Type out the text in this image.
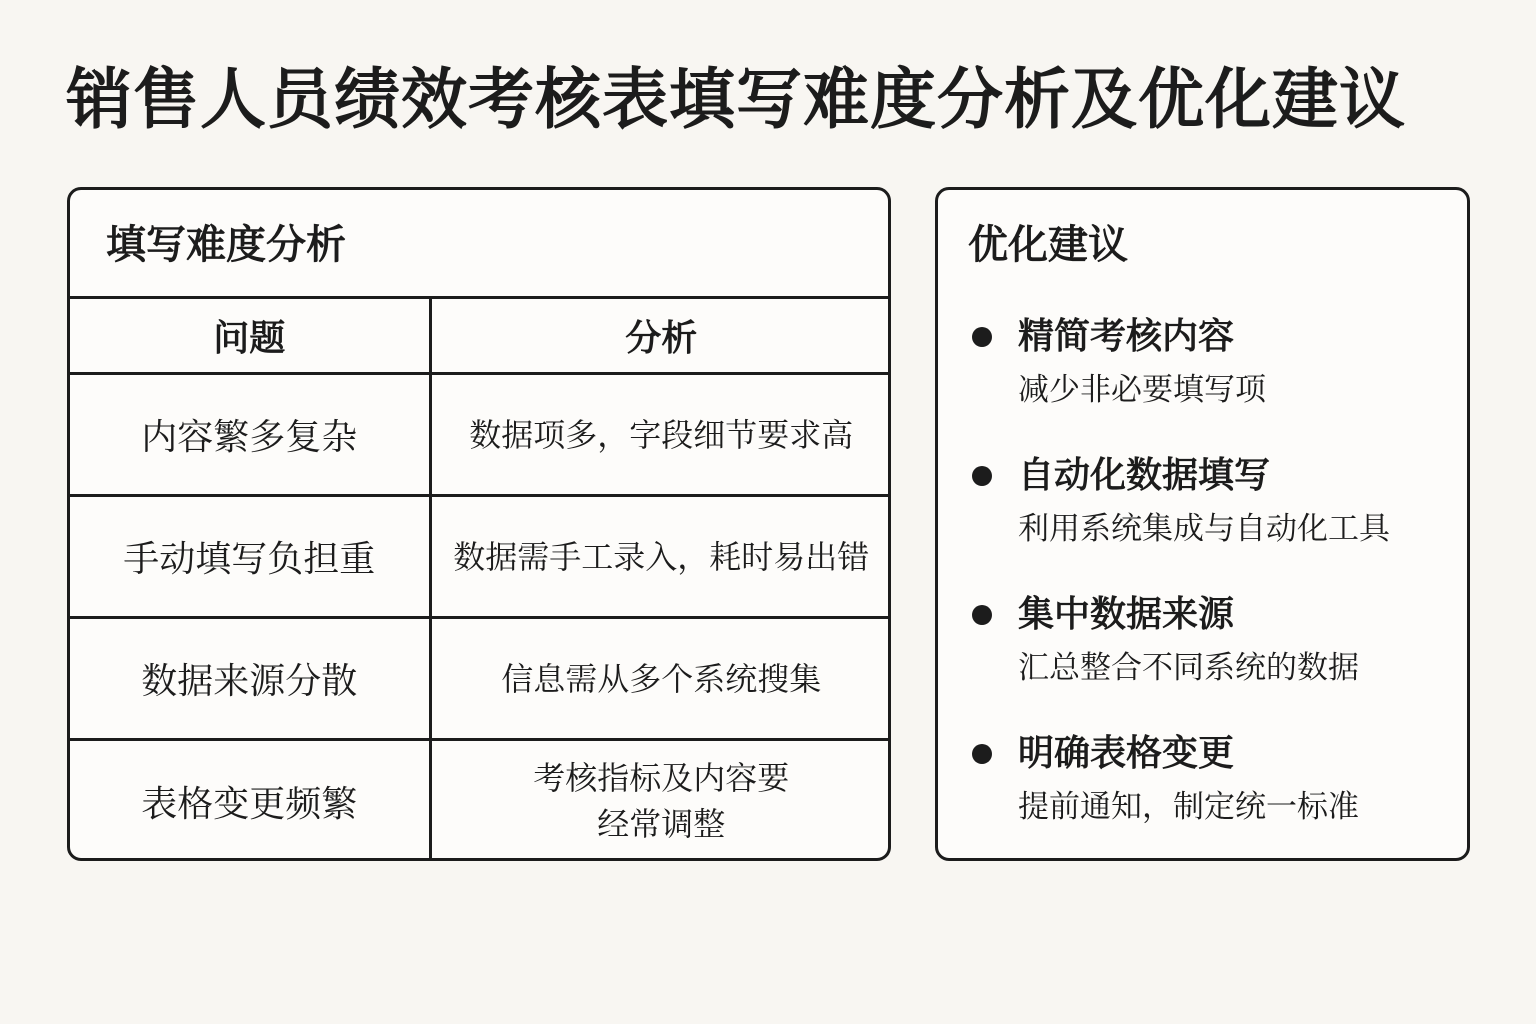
销售人员绩效考核表填写难度分析及优化建议
填写难度分析
问题	分析
内容繁多复杂	数据项多，字段细节要求高

手动填写负担重	数据需手工录入，耗时易出错

数据来源分散	信息需从多个系统搜集

表格变更频繁	考核指标及内容要
经常调整
优化建议
精简考核内容
减少非必要填写项
自动化数据填写
利用系统集成与自动化工具
集中数据来源
汇总整合不同系统的数据
明确表格变更
提前通知，制定统一标准
